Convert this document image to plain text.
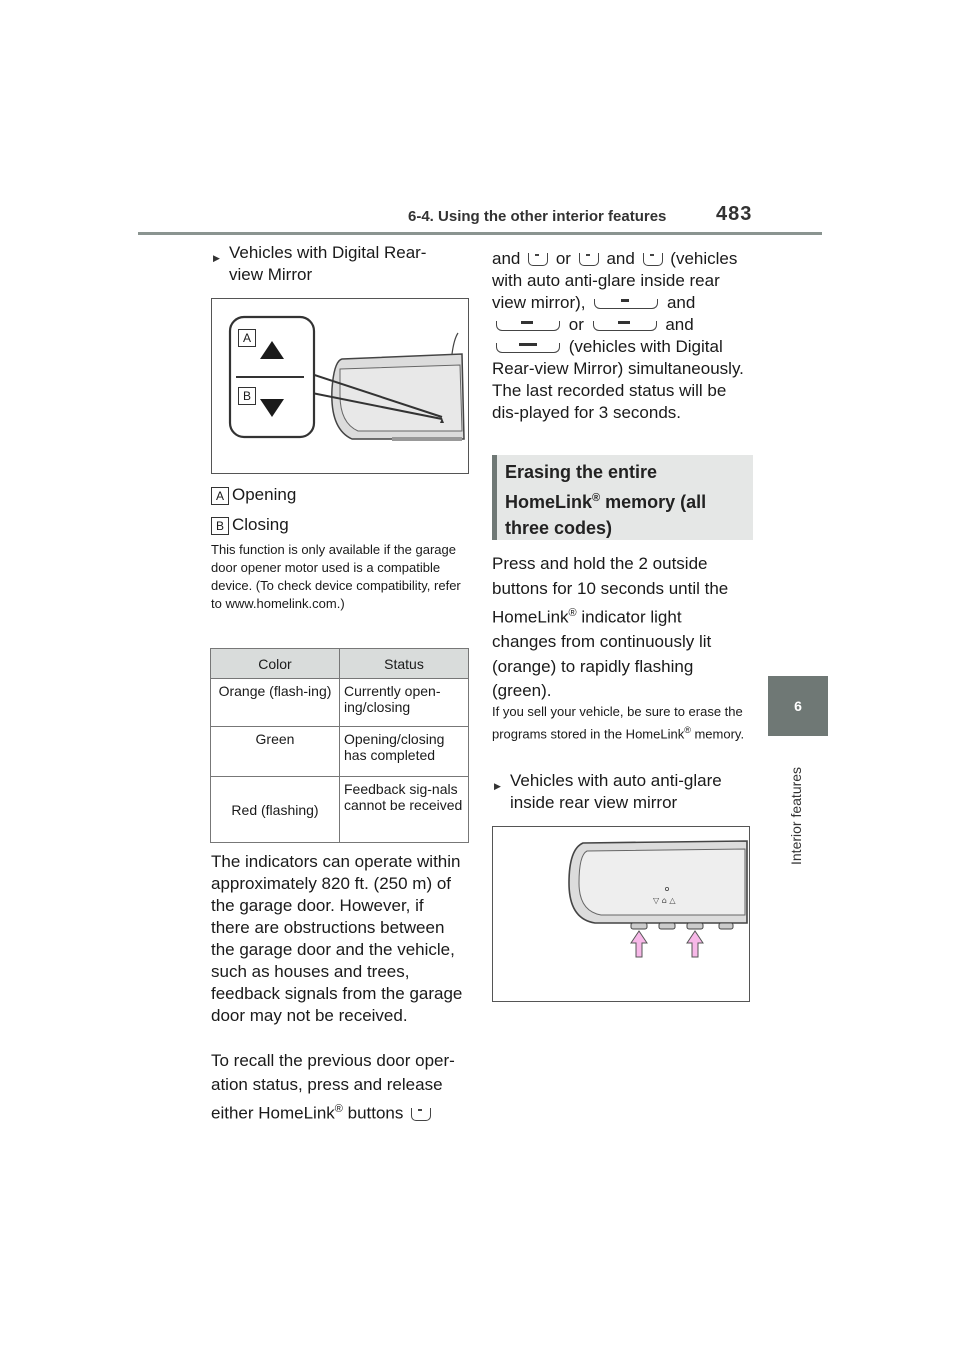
6-4. Using the other interior features 483
6
Interior features
▶ Vehicles with Digital Rear-view Mirror
A
B
A Opening
B Closing
This function is only available if the garage door opener motor used is a compatible device. (To check device compatibility, refer to www.homelink.com.)
Color	Status
Orange (flash-ing)	Currently open-ing/closing
Green	Opening/closing has completed
Red (flashing)	Feedback sig-nals cannot be received
The indicators can operate within approximately 820 ft. (250 m) of the garage door. However, if there are obstructions between the garage door and the vehicle, such as houses and trees, feedback signals from the garage door may not be received.
To recall the previous door oper-ation status, press and release either HomeLink® buttons
and or and (vehicles with auto anti-glare inside rear view mirror),	and
or	and
(vehicles with Digital Rear-view Mirror) simultaneously. The last recorded status will be dis-played for 3 seconds.
Erasing the entire HomeLink® memory (all three codes)
Press and hold the 2 outside buttons for 10 seconds until the HomeLink® indicator light changes from continuously lit (orange) to rapidly flashing (green).
If you sell your vehicle, be sure to erase the programs stored in the HomeLink® memory.
▶ Vehicles with auto anti-glare inside rear view mirror
▽ ⌂ △
